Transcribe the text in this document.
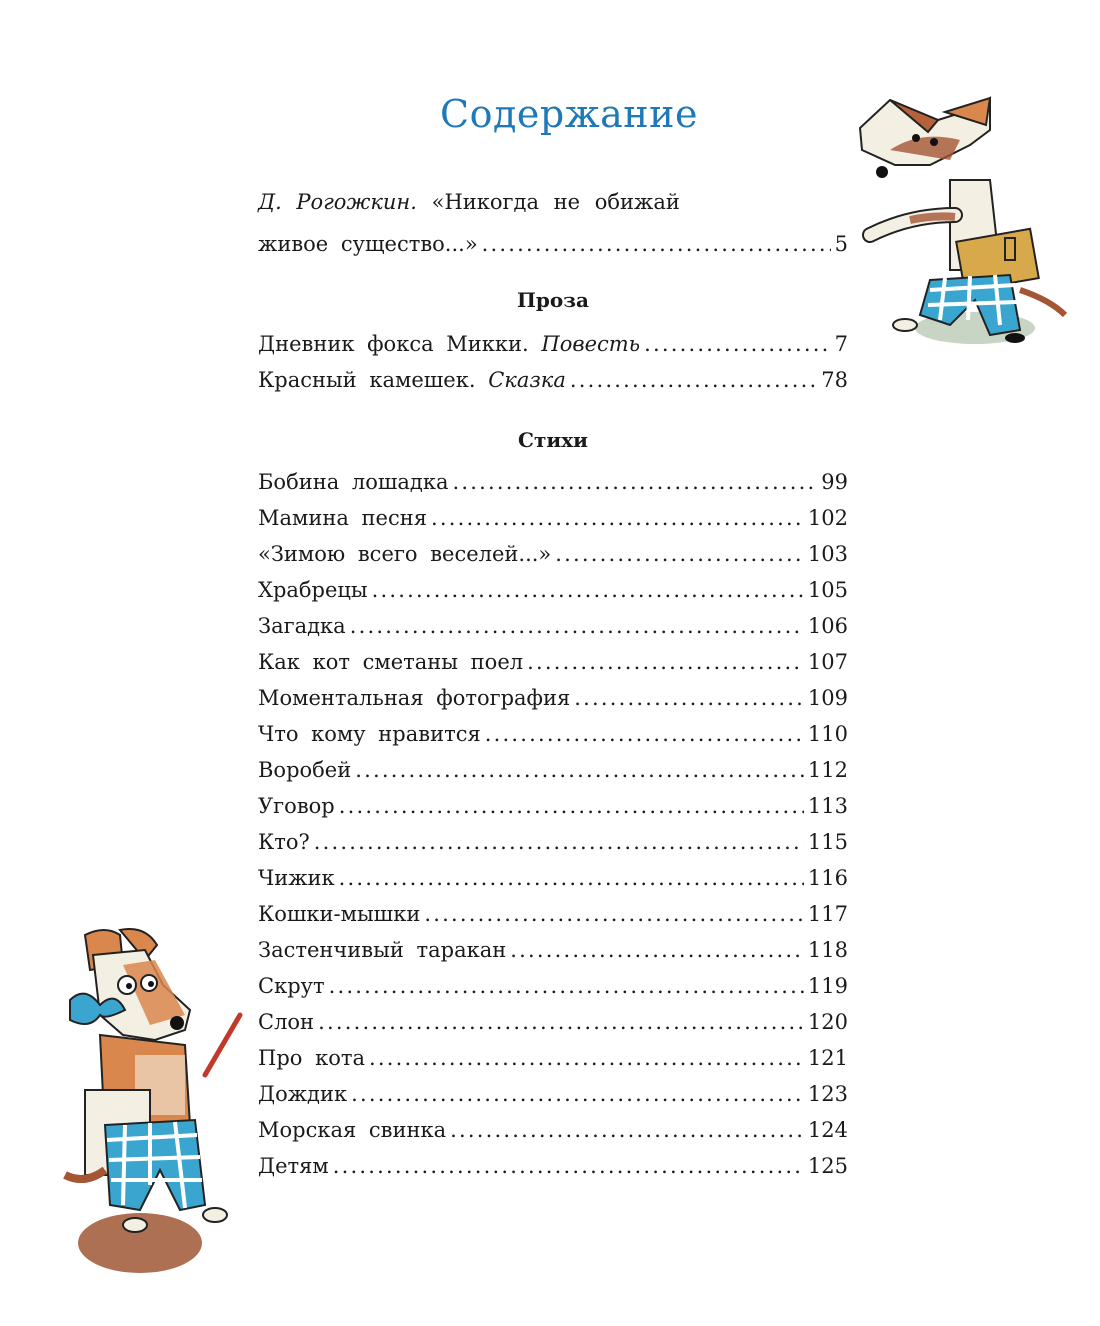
Содержание
Д. Рогожкин. «Никогда не обижай
живое существо...» .....	5
Проза
Дневник фокса Микки. Повесть .....	7
Красный камешек. Сказка .....	78
Стихи
Бобина лошадка .....	99
Мамина песня .....	102
«Зимою всего веселей...» .....	103
Храбрецы .....	105
Загадка .....	106
Как кот сметаны поел .....	107
Моментальная фотография .....	109
Что кому нравится .....	110
Воробей .....	112
Уговор .....	113
Кто? .....	115
Чижик .....	116
Кошки-мышки .....	117
Застенчивый таракан .....	118
Скрут .....	119
Слон .....	120
Про кота .....	121
Дождик .....	123
Морская свинка .....	124
Детям .....	125
